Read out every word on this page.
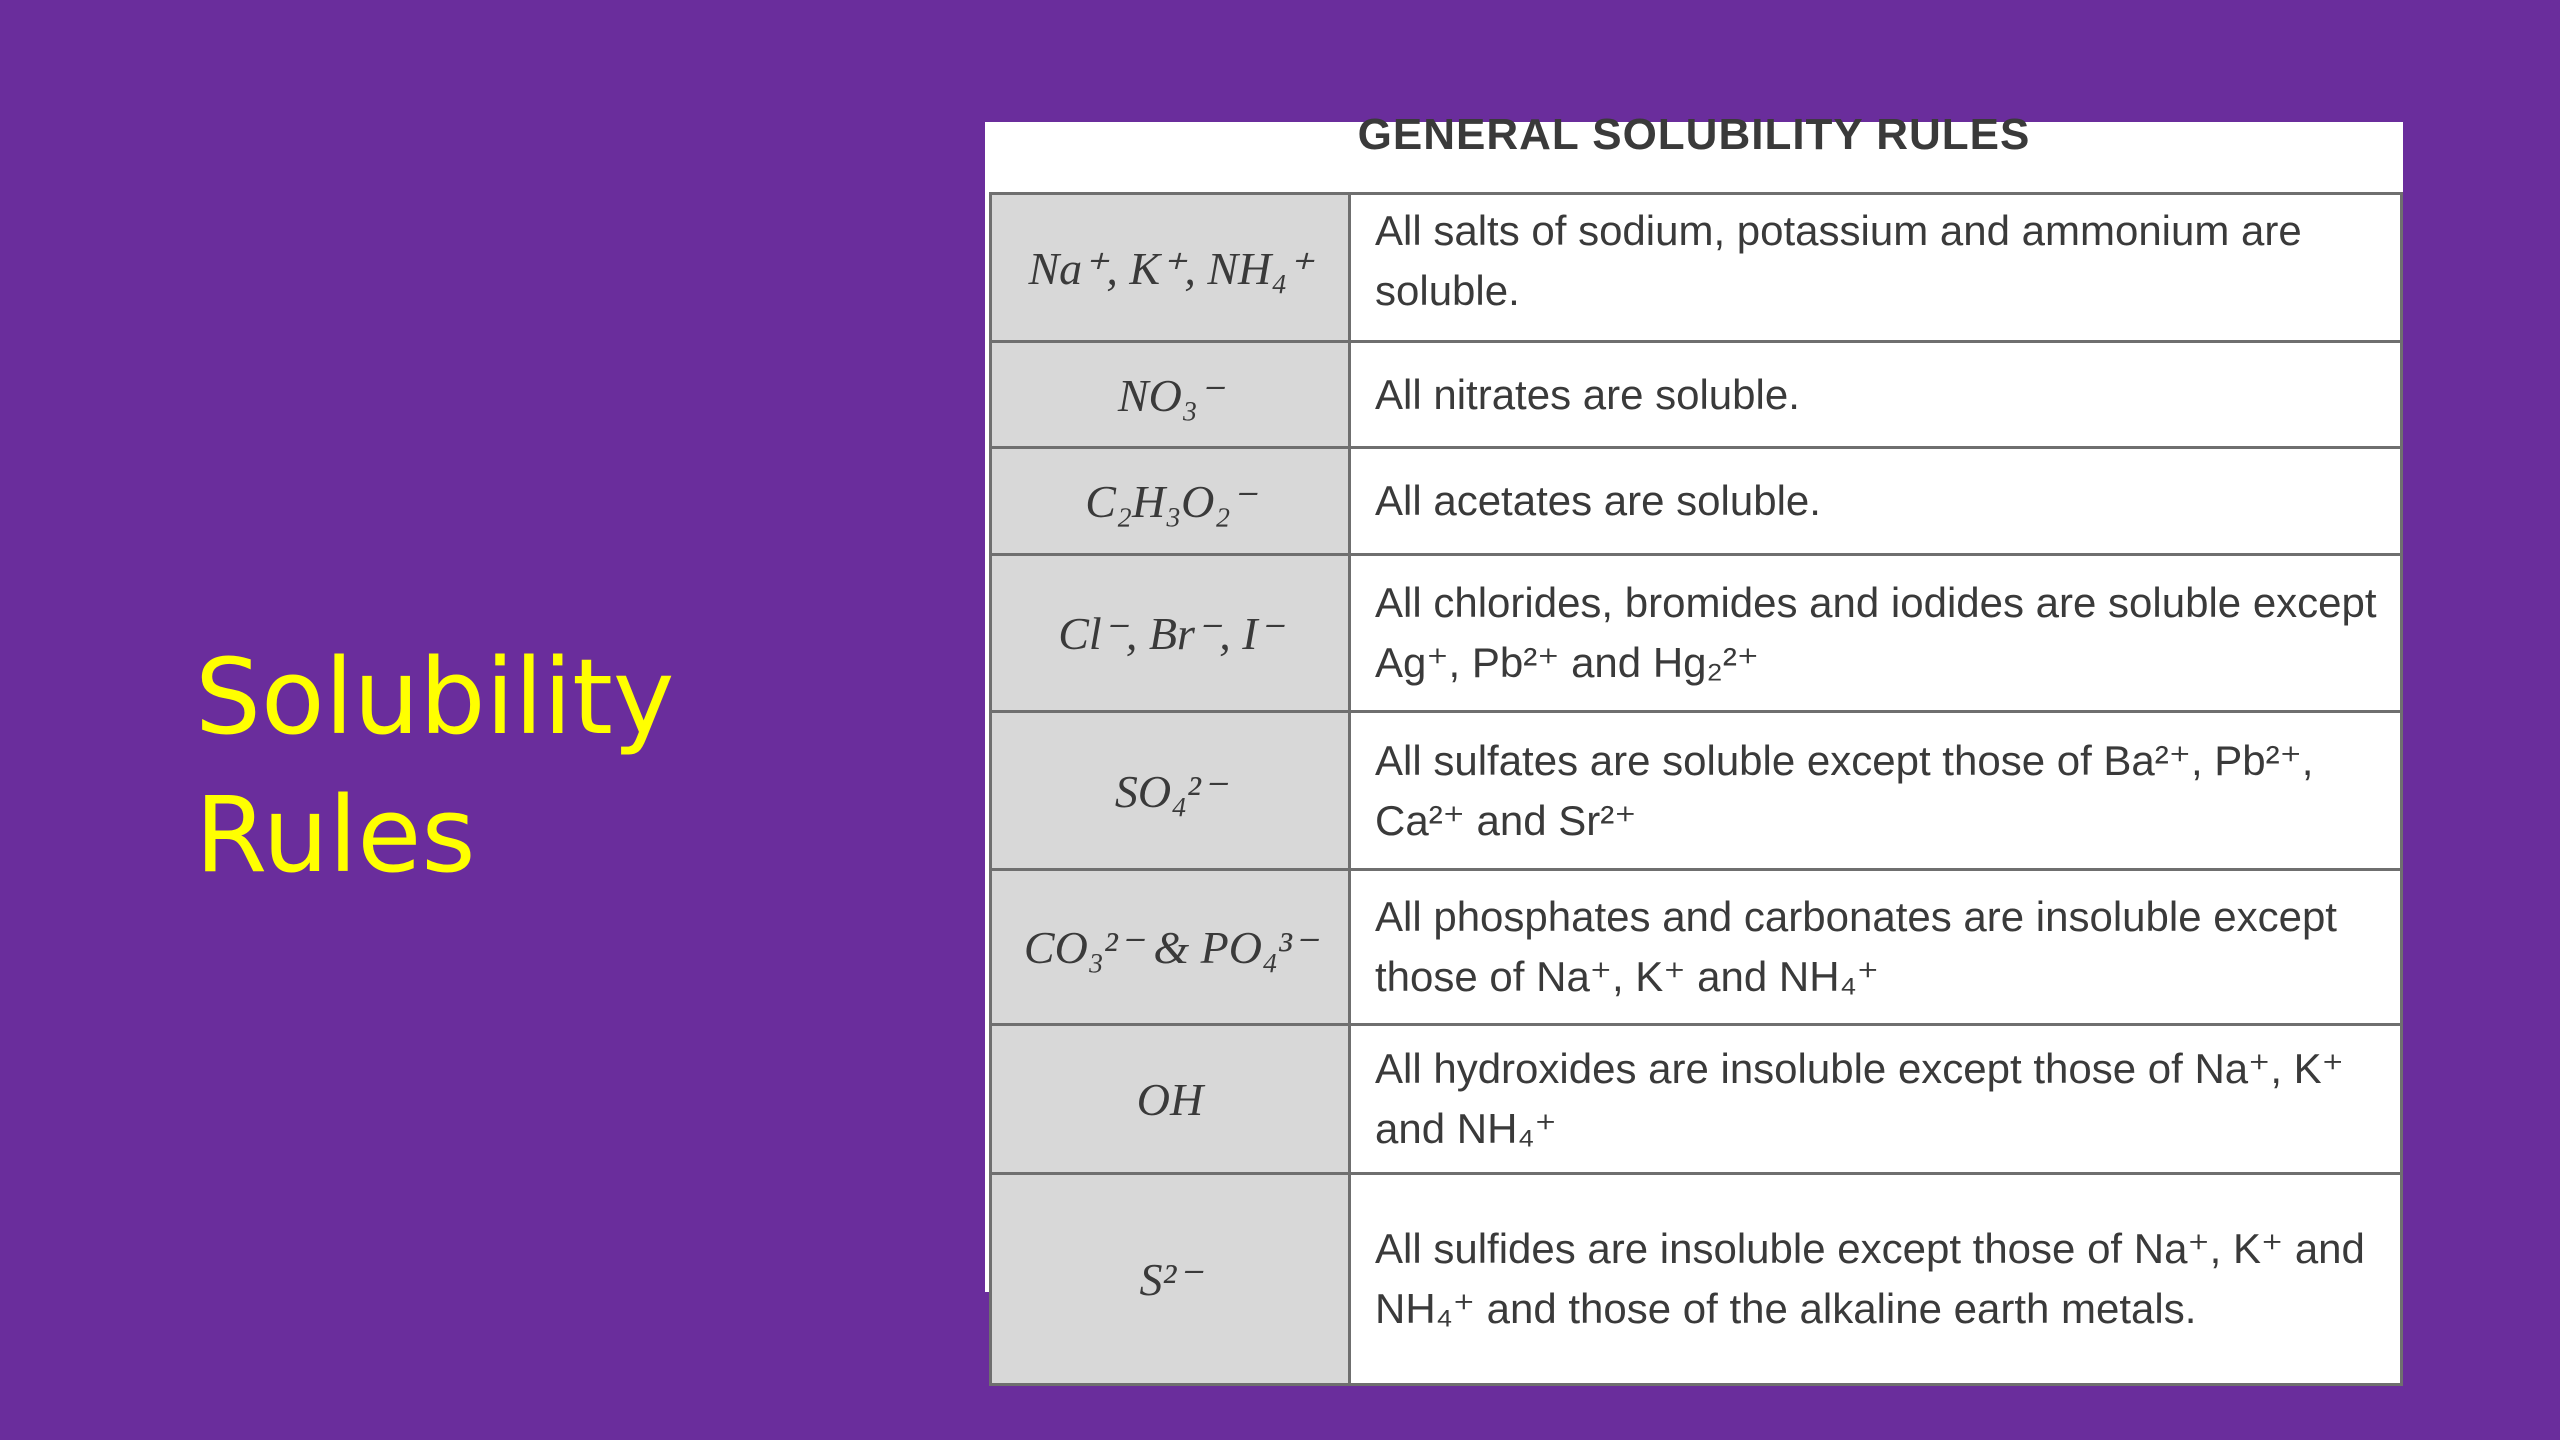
Solubility Rules
GENERAL SOLUBILITY RULES
Na⁺, K⁺, NH₄⁺	All salts of sodium, potassium and ammonium are soluble.
NO₃⁻	All nitrates are soluble.
C₂H₃O₂⁻	All acetates are soluble.
Cl⁻, Br⁻, I⁻	All chlorides, bromides and iodides are soluble except Ag⁺, Pb²⁺ and Hg₂²⁺
SO₄²⁻	All sulfates are soluble except those of Ba²⁺, Pb²⁺, Ca²⁺ and Sr²⁺
CO₃²⁻ & PO₄³⁻	All phosphates and carbonates are insoluble except those of Na⁺, K⁺ and NH₄⁺
OH	All hydroxides are insoluble except those of Na⁺, K⁺ and NH₄⁺
S²⁻	All sulfides are insoluble except those of Na⁺, K⁺ and NH₄⁺ and those of the alkaline earth metals.
